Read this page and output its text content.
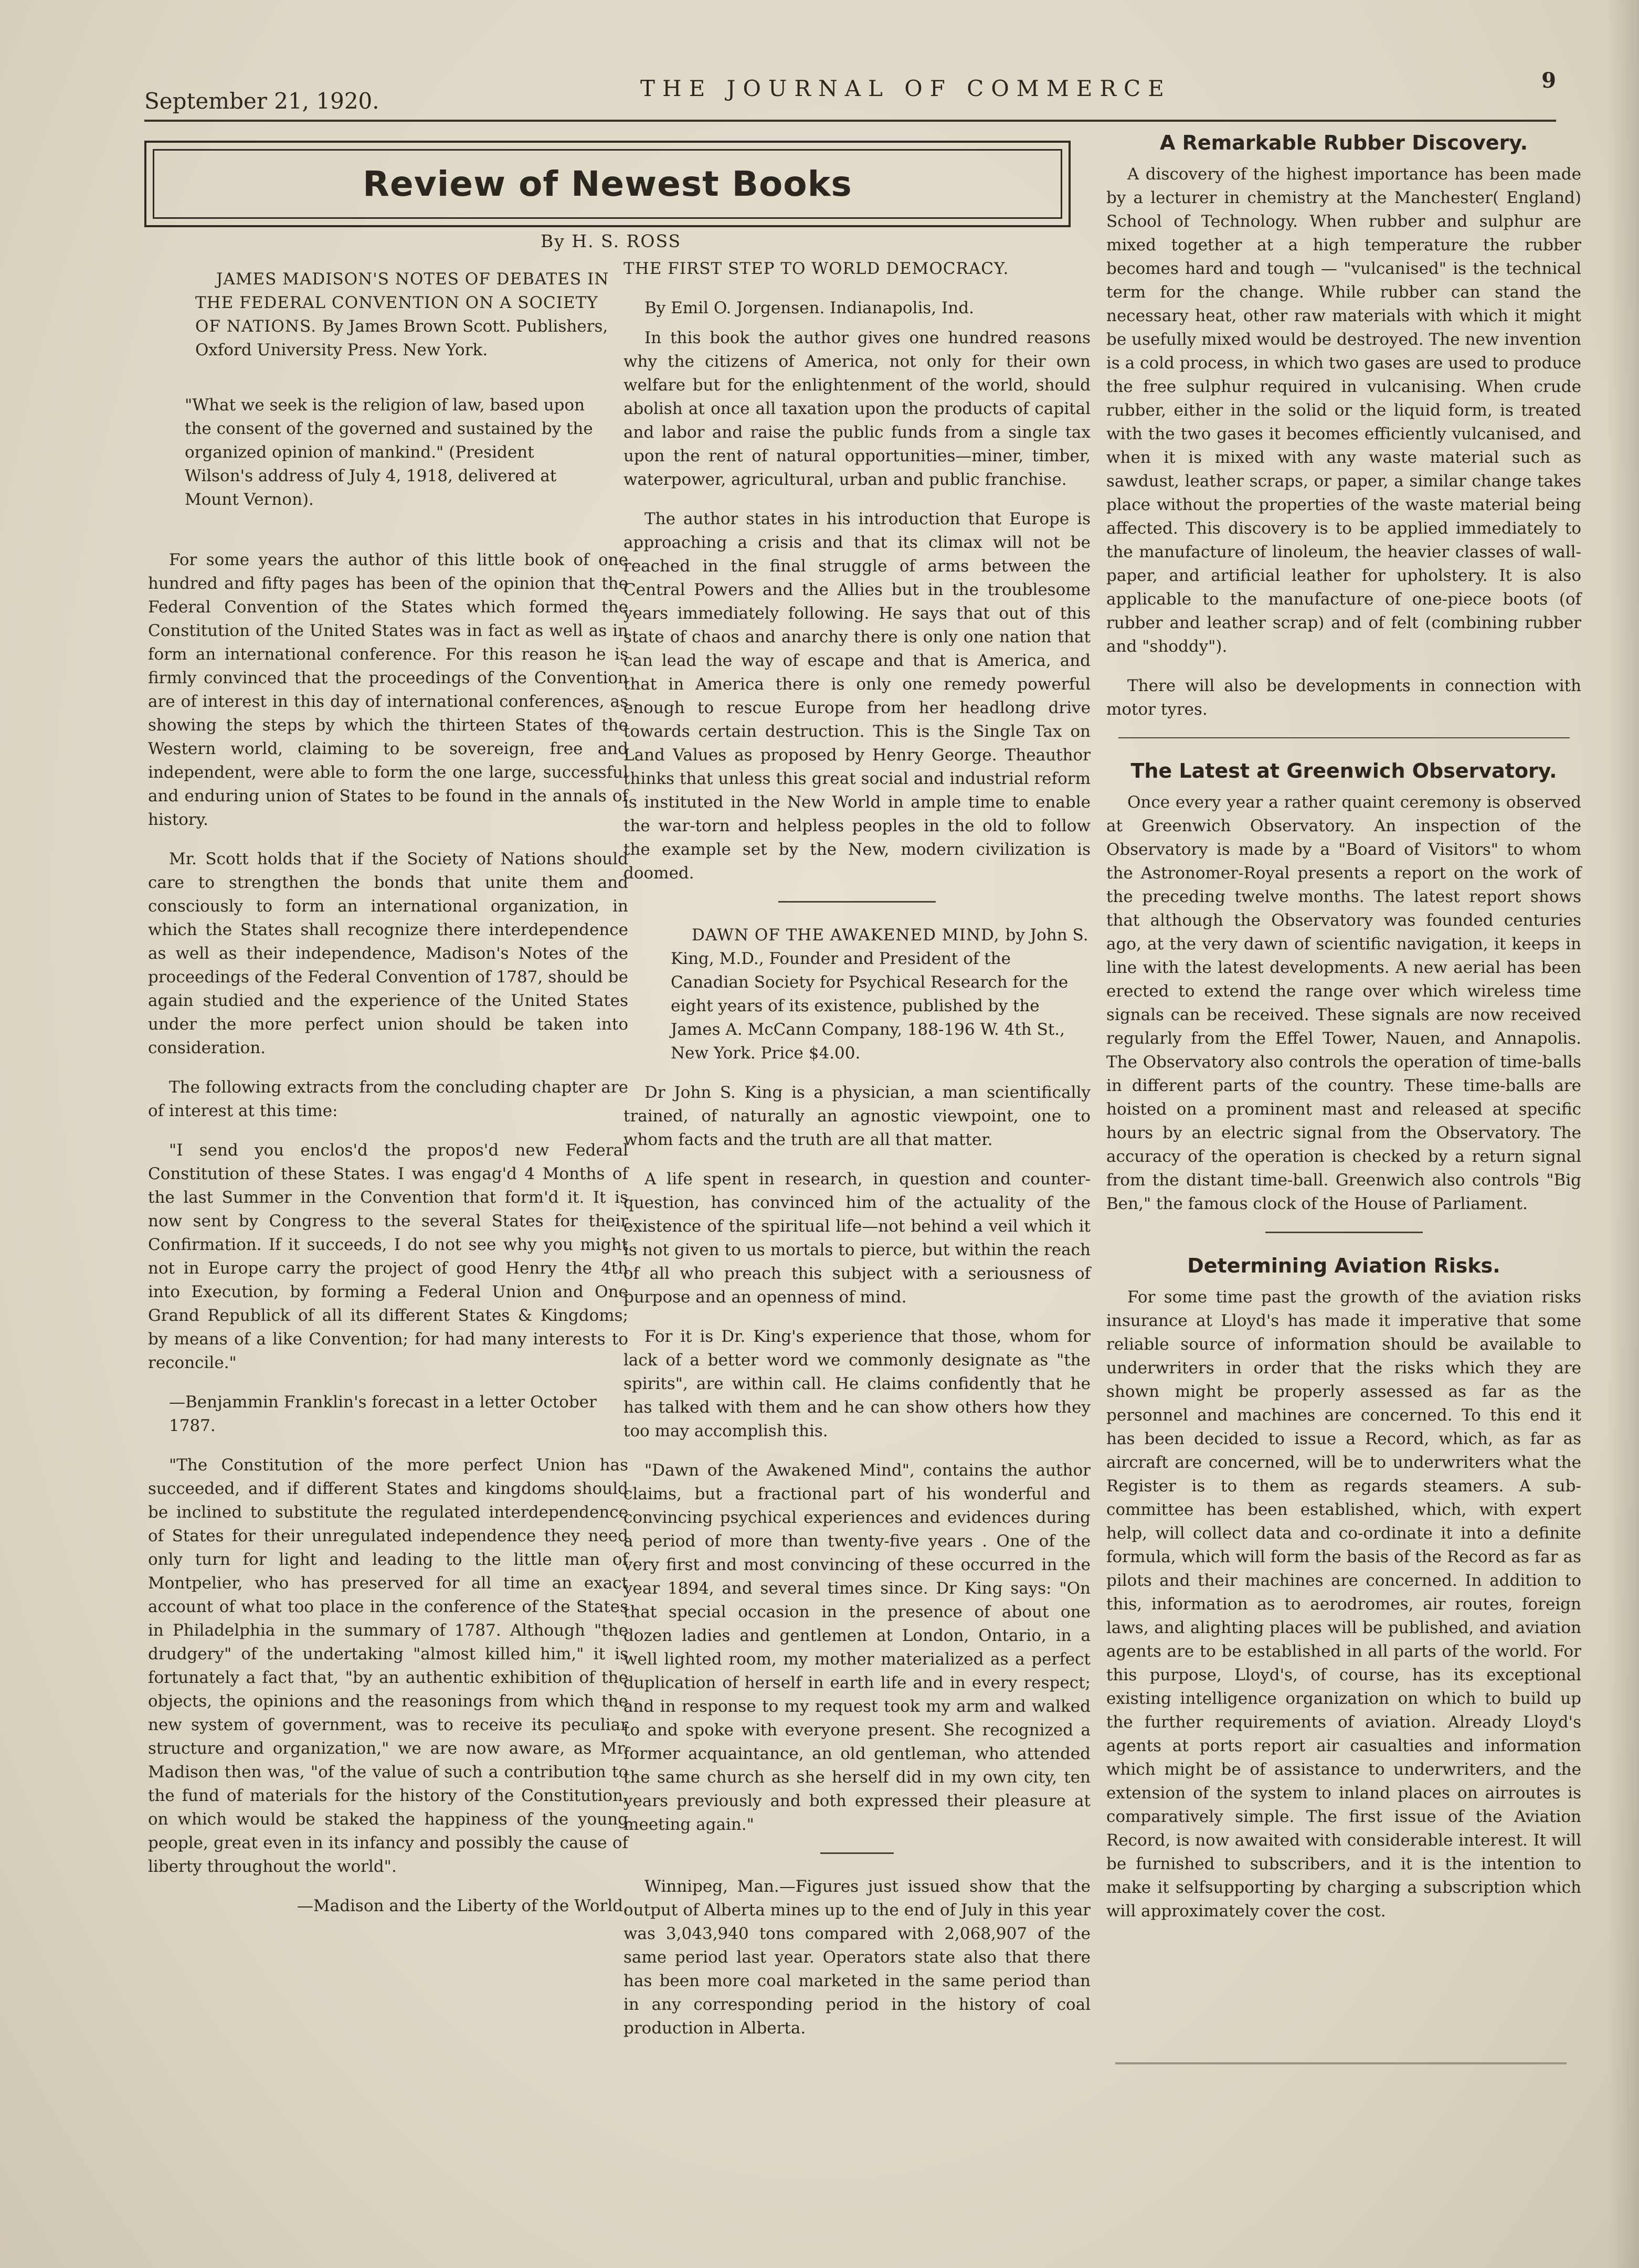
September 21, 1920.	THE JOURNAL OF COMMERCE	9
Review of Newest Books
By H. S. ROSS

JAMES MADISON'S NOTES OF DEBATES IN THE FEDERAL CONVENTION ON A SOCIETY OF NATIONS. By James Brown Scott. Publishers, Oxford University Press. New York.

"What we seek is the religion of law, based upon the consent of the governed and sustained by the organized opinion of mankind." (President Wilson's address of July 4, 1918, delivered at Mount Vernon).

For some years the author of this little book of one hundred and fifty pages has been of the opinion that the Federal Convention of the States which formed the Constitution of the United States was in fact as well as in form an international conference. For this reason he is firmly convinced that the proceedings of the Convention are of interest in this day of international conferences, as showing the steps by which the thirteen States of the Western world, claiming to be sovereign, free and independent, were able to form the one large, successful and enduring union of States to be found in the annals of history.

Mr. Scott holds that if the Society of Nations should care to strengthen the bonds that unite them and consciously to form an international organization, in which the States shall recognize there interdependence as well as their independence, Madison's Notes of the proceedings of the Federal Convention of 1787, should be again studied and the experience of the United States under the more perfect union should be taken into consideration.

The following extracts from the concluding chapter are of interest at this time:

"I send you enclos'd the propos'd new Federal Constitution of these States. I was engag'd 4 Months of the last Summer in the Convention that form'd it. It is now sent by Congress to the several States for their Confirmation. If it succeeds, I do not see why you might not in Europe carry the project of good Henry the 4th into Execution, by forming a Federal Union and One Grand Republick of all its different States & Kingdoms; by means of a like Convention; for had many interests to reconcile."

—Benjammin Franklin's forecast in a letter October 1787.

"The Constitution of the more perfect Union has succeeded, and if different States and kingdoms should be inclined to substitute the regulated interdependence of States for their unregulated independence they need only turn for light and leading to the little man of Montpelier, who has preserved for all time an exact account of what too place in the conference of the States in Philadelphia in the summary of 1787. Although "the drudgery" of the undertaking "almost killed him," it is fortunately a fact that, "by an authentic exhibition of the objects, the opinions and the reasonings from which the new system of government, was to receive its peculiar structure and organization," we are now aware, as Mr. Madison then was, "of the value of such a contribution to the fund of materials for the history of the Constitution, on which would be staked the happiness of the young people, great even in its infancy and possibly the cause of liberty throughout the world".

—Madison and the Liberty of the World.

THE FIRST STEP TO WORLD DEMOCRACY.

By Emil O. Jorgensen. Indianapolis, Ind.

In this book the author gives one hundred reasons why the citizens of America, not only for their own welfare but for the enlightenment of the world, should abolish at once all taxation upon the products of capital and labor and raise the public funds from a single tax upon the rent of natural opportunities—miner, timber, waterpower, agricultural, urban and public franchise.

The author states in his introduction that Europe is approaching a crisis and that its climax will not be reached in the final struggle of arms between the Central Powers and the Allies but in the troublesome years immediately following. He says that out of this state of chaos and anarchy there is only one nation that can lead the way of escape and that is America, and that in America there is only one remedy powerful enough to rescue Europe from her headlong drive towards certain destruction. This is the Single Tax on Land Values as proposed by Henry George. Theauthor thinks that unless this great social and industrial reform is instituted in the New World in ample time to enable the war-torn and helpless peoples in the old to follow the example set by the New, modern civilization is doomed.

DAWN OF THE AWAKENED MIND, by John S. King, M.D., Founder and President of the Canadian Society for Psychical Research for the eight years of its existence, published by the James A. McCann Company, 188-196 W. 4th St., New York. Price $4.00.

Dr John S. King is a physician, a man scientifically trained, of naturally an agnostic viewpoint, one to whom facts and the truth are all that matter.

A life spent in research, in question and counter-question, has convinced him of the actuality of the existence of the spiritual life—not behind a veil which it is not given to us mortals to pierce, but within the reach of all who preach this subject with a seriousness of purpose and an openness of mind.

For it is Dr. King's experience that those, whom for lack of a better word we commonly designate as "the spirits", are within call. He claims confidently that he has talked with them and he can show others how they too may accomplish this.

"Dawn of the Awakened Mind", contains the author claims, but a fractional part of his wonderful and convincing psychical experiences and evidences during a period of more than twenty-five years . One of the very first and most convincing of these occurred in the year 1894, and several times since. Dr King says: "On that special occasion in the presence of about one dozen ladies and gentlemen at London, Ontario, in a well lighted room, my mother materialized as a perfect duplication of herself in earth life and in every respect; and in response to my request took my arm and walked to and spoke with everyone present. She recognized a former acquaintance, an old gentleman, who attended the same church as she herself did in my own city, ten years previously and both expressed their pleasure at meeting again."

Winnipeg, Man.—Figures just issued show that the output of Alberta mines up to the end of July in this year was 3,043,940 tons compared with 2,068,907 of the same period last year. Operators state also that there has been more coal marketed in the same period than in any corresponding period in the history of coal production in Alberta.

A Remarkable Rubber Discovery.

A discovery of the highest importance has been made by a lecturer in chemistry at the Manchester( England) School of Technology. When rubber and sulphur are mixed together at a high temperature the rubber becomes hard and tough — "vulcanised" is the technical term for the change. While rubber can stand the necessary heat, other raw materials with which it might be usefully mixed would be destroyed. The new invention is a cold process, in which two gases are used to produce the free sulphur required in vulcanising. When crude rubber, either in the solid or the liquid form, is treated with the two gases it becomes efficiently vulcanised, and when it is mixed with any waste material such as sawdust, leather scraps, or paper, a similar change takes place without the properties of the waste material being affected. This discovery is to be applied immediately to the manufacture of linoleum, the heavier classes of wall-paper, and artificial leather for upholstery. It is also applicable to the manufacture of one-piece boots (of rubber and leather scrap) and of felt (combining rubber and "shoddy").

There will also be developments in connection with motor tyres.

The Latest at Greenwich Observatory.

Once every year a rather quaint ceremony is observed at Greenwich Observatory. An inspection of the Observatory is made by a "Board of Visitors" to whom the Astronomer-Royal presents a report on the work of the preceding twelve months. The latest report shows that although the Observatory was founded centuries ago, at the very dawn of scientific navigation, it keeps in line with the latest developments. A new aerial has been erected to extend the range over which wireless time signals can be received. These signals are now received regularly from the Effel Tower, Nauen, and Annapolis. The Observatory also controls the operation of time-balls in different parts of the country. These time-balls are hoisted on a prominent mast and released at specific hours by an electric signal from the Observatory. The accuracy of the operation is checked by a return signal from the distant time-ball. Greenwich also controls "Big Ben," the famous clock of the House of Parliament.

Determining Aviation Risks.

For some time past the growth of the aviation risks insurance at Lloyd's has made it imperative that some reliable source of information should be available to underwriters in order that the risks which they are shown might be properly assessed as far as the personnel and machines are concerned. To this end it has been decided to issue a Record, which, as far as aircraft are concerned, will be to underwriters what the Register is to them as regards steamers. A sub-committee has been established, which, with expert help, will collect data and co-ordinate it into a definite formula, which will form the basis of the Record as far as pilots and their machines are concerned. In addition to this, information as to aerodromes, air routes, foreign laws, and alighting places will be published, and aviation agents are to be established in all parts of the world. For this purpose, Lloyd's, of course, has its exceptional existing intelligence organization on which to build up the further requirements of aviation. Already Lloyd's agents at ports report air casualties and information which might be of assistance to underwriters, and the extension of the system to inland places on airroutes is comparatively simple. The first issue of the Aviation Record, is now awaited with considerable interest. It will be furnished to subscribers, and it is the intention to make it selfsupporting by charging a subscription which will approximately cover the cost.
